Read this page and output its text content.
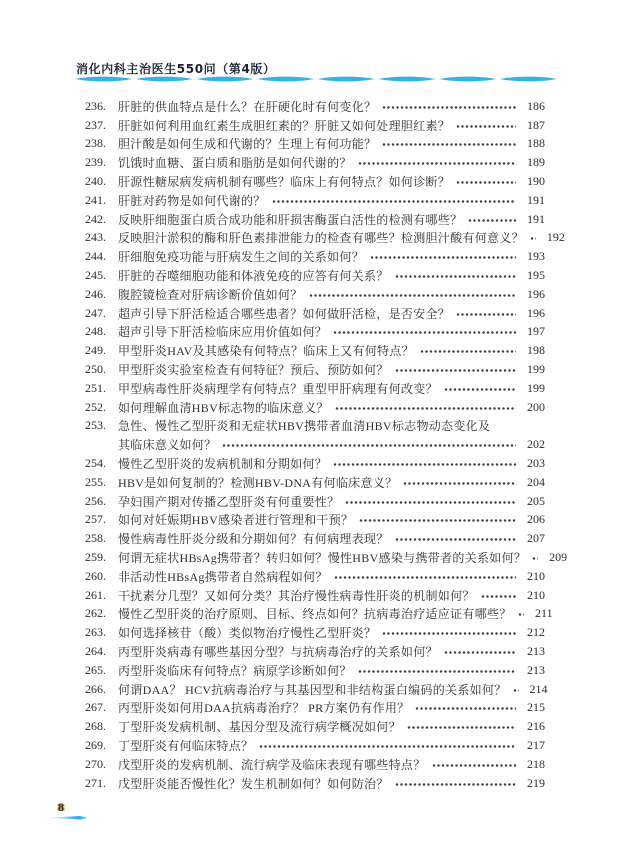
消化内科主治医生550问（第4版）
236.	肝脏的供血特点是什么？在肝硬化时有何变化？	186
237.	肝脏如何利用血红素生成胆红素的？肝脏又如何处理胆红素？	187
238.	胆汁酸是如何生成和代谢的？生理上有何功能？	188
239.	饥饿时血糖、蛋白质和脂肪是如何代谢的？	189
240.	肝源性糖尿病发病机制有哪些？临床上有何特点？如何诊断？	190
241.	肝脏对药物是如何代谢的？	191
242.	反映肝细胞蛋白质合成功能和肝损害酶蛋白活性的检测有哪些？	191
243.	反映胆汁淤积的酶和肝色素排泄能力的检查有哪些？检测胆汁酸有何意义？	192
244.	肝细胞免疫功能与肝病发生之间的关系如何？	193
245.	肝脏的吞噬细胞功能和体液免疫的应答有何关系？	195
246.	腹腔镜检查对肝病诊断价值如何？	196
247.	超声引导下肝活检适合哪些患者？如何做肝活检，是否安全？	196
248.	超声引导下肝活检临床应用价值如何？	197
249.	甲型肝炎HAV及其感染有何特点？临床上又有何特点？	198
250.	甲型肝炎实验室检查有何特征？预后、预防如何？	199
251.	甲型病毒性肝炎病理学有何特点？重型甲肝病理有何改变？	199
252.	如何理解血清HBV标志物的临床意义？	200
253.	急性、慢性乙型肝炎和无症状HBV携带者血清HBV标志物动态变化及
其临床意义如何？	202
254.	慢性乙型肝炎的发病机制和分期如何？	203
255.	HBV是如何复制的？检测HBV-DNA有何临床意义？	204
256.	孕妇围产期对传播乙型肝炎有何重要性？	205
257.	如何对妊娠期HBV感染者进行管理和干预？	206
258.	慢性病毒性肝炎分级和分期如何？有何病理表现？	207
259.	何谓无症状HBsAg携带者？转归如何？慢性HBV感染与携带者的关系如何？	209
260.	非活动性HBsAg携带者自然病程如何？	210
261.	干扰素分几型？又如何分类？其治疗慢性病毒性肝炎的机制如何？	210
262.	慢性乙型肝炎的治疗原则、目标、终点如何？抗病毒治疗适应证有哪些？	211
263.	如何选择核苷（酸）类似物治疗慢性乙型肝炎？	212
264.	丙型肝炎病毒有哪些基因分型？与抗病毒治疗的关系如何？	213
265.	丙型肝炎临床有何特点？病原学诊断如何？	213
266.	何谓DAA？ HCV抗病毒治疗与其基因型和非结构蛋白编码的关系如何？	214
267.	丙型肝炎如何用DAA抗病毒治疗？ PR方案仍有作用？	215
268.	丁型肝炎发病机制、基因分型及流行病学概况如何？	216
269.	丁型肝炎有何临床特点？	217
270.	戊型肝炎的发病机制、流行病学及临床表现有哪些特点？	218
271.	戊型肝炎能否慢性化？发生机制如何？如何防治？	219
8
